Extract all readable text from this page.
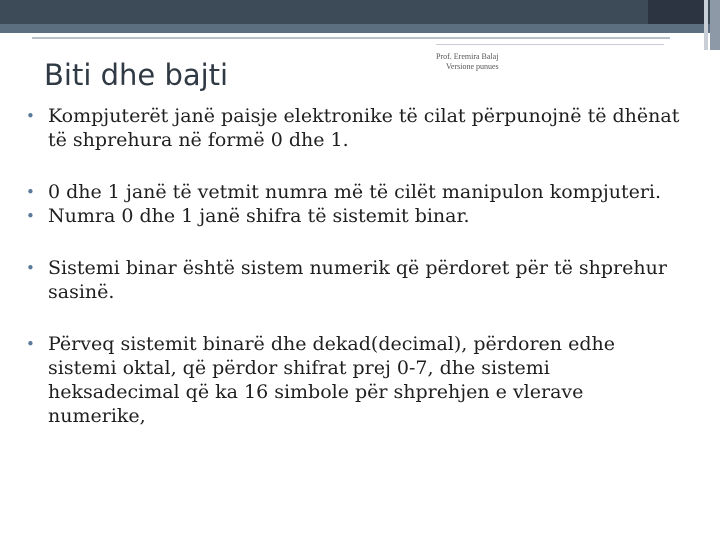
Biti dhe bajti
Prof. Eremira Balaj
Versione punues
• Kompjuterët janë paisje elektronike të cilat përpunojnë të dhënat të shprehura në formë 0 dhe 1.
• 0 dhe 1 janë të vetmit numra më të cilët manipulon kompjuteri.
• Numra 0 dhe 1 janë shifra të sistemit binar.
• Sistemi binar është sistem numerik që përdoret për të shprehur sasinë.
• Përveq sistemit binarë dhe dekad(decimal), përdoren edhe sistemi oktal, që përdor shifrat prej 0-7, dhe sistemi heksadecimal që ka 16 simbole për shprehjen e vlerave numerike,
